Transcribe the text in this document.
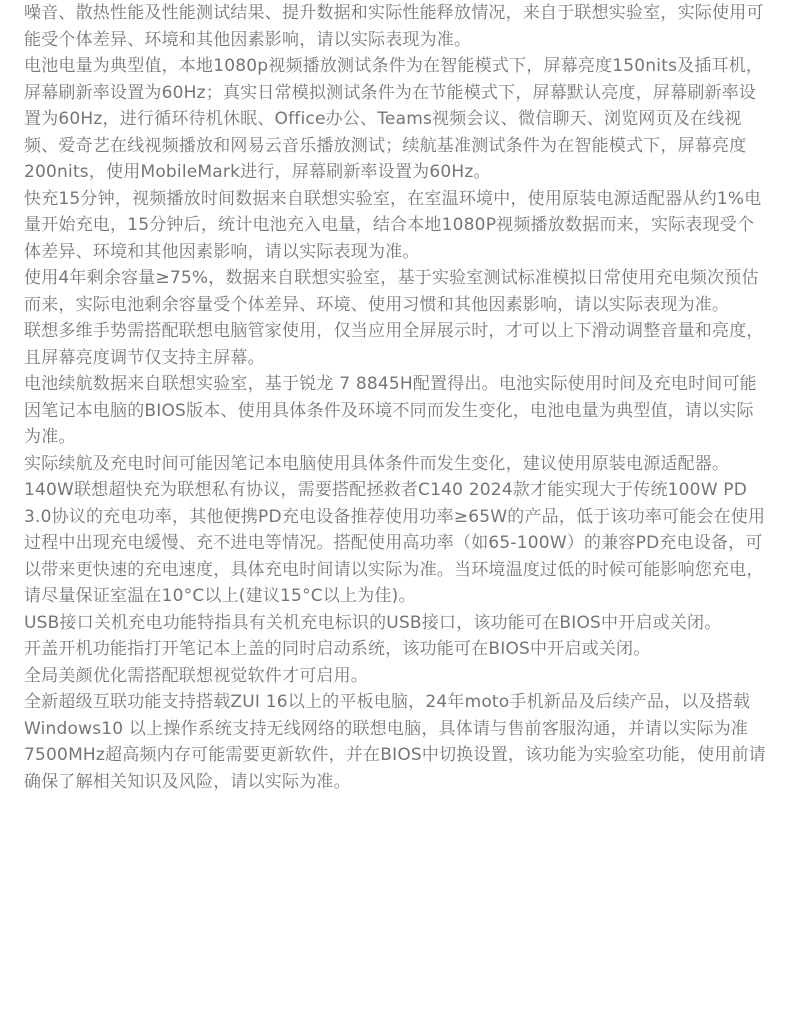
噪音、散热性能及性能测试结果、提升数据和实际性能释放情况，来自于联想实验室，实际使用可能受个体差异、环境和其他因素影响，请以实际表现为准。

电池电量为典型值，本地1080p视频播放测试条件为在智能模式下，屏幕亮度150nits及插耳机，屏幕刷新率设置为60Hz；真实日常模拟测试条件为在节能模式下，屏幕默认亮度，屏幕刷新率设置为60Hz，进行循环待机休眠、Office办公、Teams视频会议、微信聊天、浏览网页及在线视频、爱奇艺在线视频播放和网易云音乐播放测试；续航基准测试条件为在智能模式下，屏幕亮度200nits，使用MobileMark进行，屏幕刷新率设置为60Hz。

快充15分钟，视频播放时间数据来自联想实验室，在室温环境中，使用原装电源适配器从约1%电量开始充电，15分钟后，统计电池充入电量，结合本地1080P视频播放数据而来，实际表现受个体差异、环境和其他因素影响，请以实际表现为准。

使用4年剩余容量≥75%，数据来自联想实验室，基于实验室测试标准模拟日常使用充电频次预估而来，实际电池剩余容量受个体差异、环境、使用习惯和其他因素影响，请以实际表现为准。

联想多维手势需搭配联想电脑管家使用，仅当应用全屏展示时，才可以上下滑动调整音量和亮度，且屏幕亮度调节仅支持主屏幕。

电池续航数据来自联想实验室，基于锐龙 7 8845H配置得出。电池实际使用时间及充电时间可能因笔记本电脑的BIOS版本、使用具体条件及环境不同而发生变化，电池电量为典型值，请以实际为准。

实际续航及充电时间可能因笔记本电脑使用具体条件而发生变化，建议使用原装电源适配器。

140W联想超快充为联想私有协议，需要搭配拯救者C140 2024款才能实现大于传统100W PD 3.0协议的充电功率，其他便携PD充电设备推荐使用功率≥65W的产品，低于该功率可能会在使用过程中出现充电缓慢、充不进电等情况。搭配使用高功率（如65-100W）的兼容PD充电设备，可以带来更快速的充电速度，具体充电时间请以实际为准。当环境温度过低的时候可能影响您充电，请尽量保证室温在10°C以上(建议15°C以上为佳)。

USB接口关机充电功能特指具有关机充电标识的USB接口，该功能可在BIOS中开启或关闭。

开盖开机功能指打开笔记本上盖的同时启动系统，该功能可在BIOS中开启或关闭。

全局美颜优化需搭配联想视觉软件才可启用。

全新超级互联功能支持搭载ZUI 16以上的平板电脑，24年moto手机新品及后续产品，以及搭载Windows10 以上操作系统支持无线网络的联想电脑，具体请与售前客服沟通，并请以实际为准

7500MHz超高频内存可能需要更新软件，并在BIOS中切换设置，该功能为实验室功能，使用前请确保了解相关知识及风险，请以实际为准。
